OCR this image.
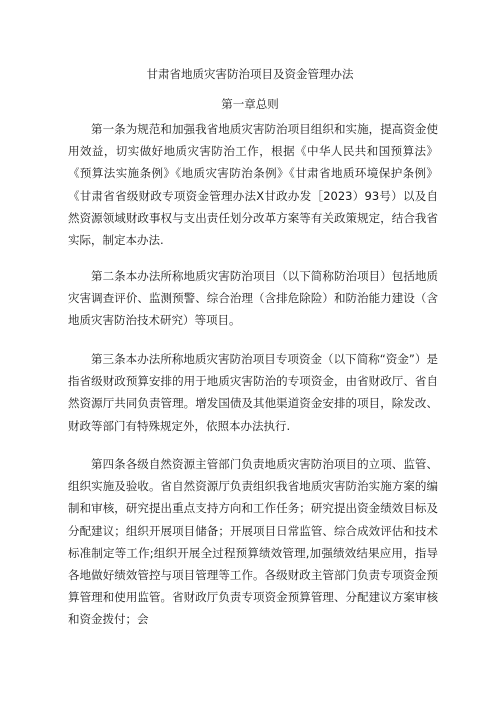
甘肃省地质灾害防治项目及资金管理办法
第一章总则

第一条为规范和加强我省地质灾害防治项目组织和实施，提高资金使用效益，切实做好地质灾害防治工作，根据《中华人民共和国预算法》《预算法实施条例》《地质灾害防治条例》《甘肃省地质环境保护条例》《甘肃省省级财政专项资金管理办法X甘政办发［2023）93号）以及自然资源领域财政事权与支出责任划分改革方案等有关政策规定，结合我省实际，制定本办法.

第二条本办法所称地质灾害防治项目（以下简称防治项目）包括地质灾害调查评价、监测预警、综合治理（含排危除险）和防治能力建设（含地质灾害防治技术研究）等项目。

第三条本办法所称地质灾害防治项目专项资金（以下简称“资金”）是指省级财政预算安排的用于地质灾害防治的专项资金，由省财政厅、省自然资源厅共同负责管理。增发国债及其他渠道资金安排的项目，除发改、财政等部门有特殊规定外，依照本办法执行.

第四条各级自然资源主管部门负责地质灾害防治项目的立项、监管、组织实施及验收。省自然资源厅负责组织我省地质灾害防治实施方案的编制和审核，研究提出重点支持方向和工作任务；研究提出资金绩效目标及分配建议；组织开展项目储备；开展项目日常监管、综合成效评估和技术标准制定等工作;组织开展全过程预算绩效管理,加强绩效结果应用，指导各地做好绩效管控与项目管理等工作。各级财政主管部门负责专项资金预算管理和使用监管。省财政厅负责专项资金预算管理、分配建议方案审核和资金拨付；会
